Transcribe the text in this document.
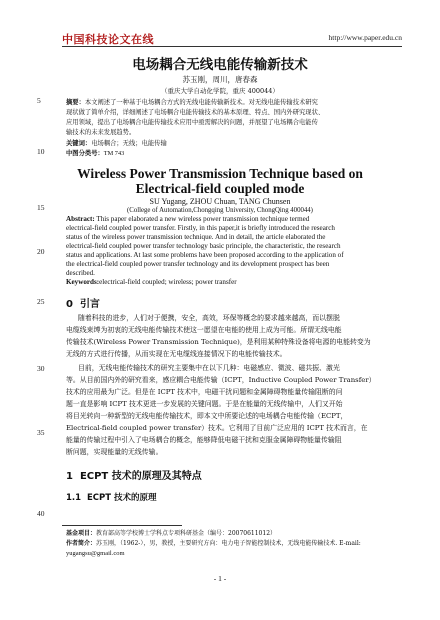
中国科技论文在线	http://www.paper.edu.cn
5
10
15
20
25
30
35
40
电场耦合无线电能传输新技术
苏玉刚，周川，唐春森
（重庆大学自动化学院，重庆 400044）
摘要：本文阐述了一种基于电场耦合方式的无线电能传输新技术。对无线电能传输技术研究
现状做了简单介绍，详细阐述了电场耦合电能传输技术的基本原理、特点、国内外研究现状、
应用领域，提出了电场耦合电能传输技术应用中亟需解决的问题，并展望了电场耦合电能传
输技术的未来发展趋势。
关键词：电场耦合；无线；电能传输
中图分类号：TM 743
Wireless Power Transmission Technique based on
Electrical-field coupled mode
SU Yugang, ZHOU Chuan, TANG Chunsen
(College of Automation,Chongqing University, ChongQing 400044)
Abstract: This paper elaborated a new wireless power transmission technique termed
electrical-field coupled power transfer. Firstly, in this paper,it is briefly introduced the research
status of the wireless power transmission technique. And in detail, the article elaborated the
electrical-field coupled power transfer technology basic principle, the characteristic, the research
status and applications. At last some problems have been proposed according to the application of
the electrical-field coupled power transfer technology and its development prospect has been
described.
Keywords:electrical-field coupled; wireless; power transfer
0 引言
随着科技的进步，人们对于便携，安全，高效，环保等概念的要求越来越高，而以摆脱
电缆线束缚为初衷的无线电能传输技术使这一愿望在电能的使用上成为可能。所谓无线电能
传输技术(Wireless Power Transmission Technique)，是利用某种特殊设备将电源的电能转变为
无线的方式进行传播，从而实现在无电缆线连接情况下的电能传输技术。
目前，无线电能传输技术的研究主要集中在以下几种：电磁感应、微波、磁共振、激光
等。从目前国内外的研究看来，感应耦合电能传输（ICPT，Inductive Coupled Power Transfer）
技术的应用最为广泛。但是在 ICPT 技术中，电磁干扰问题和金属障碍物能量传输阻断的问
题一直是影响 ICPT 技术更进一步发展的关键问题。于是在能量的无线传输中，人们又开始
将目光转向一种新型的无线电能传输技术，即本文中所要论述的电场耦合电能传输（ECPT，
Electrical-field coupled power transfer）技术。它利用了目前广泛应用的 ICPT 技术而言，在
能量的传输过程中引入了电场耦合的概念，能够降低电磁干扰和克服金属障碍物能量传输阻
断问题，实现能量的无线传输。
1 ECPT 技术的原理及其特点
1.1 ECPT 技术的原理
基金项目：教育部高等学校博士学科点专项科研基金（编号：20070611012）
作者简介：苏玉刚，（1962-），男，教授，主要研究方向：电力电子智能控制技术，无线电能传输技术. E-mail:
yugangsu@gmail.com
- 1 -
